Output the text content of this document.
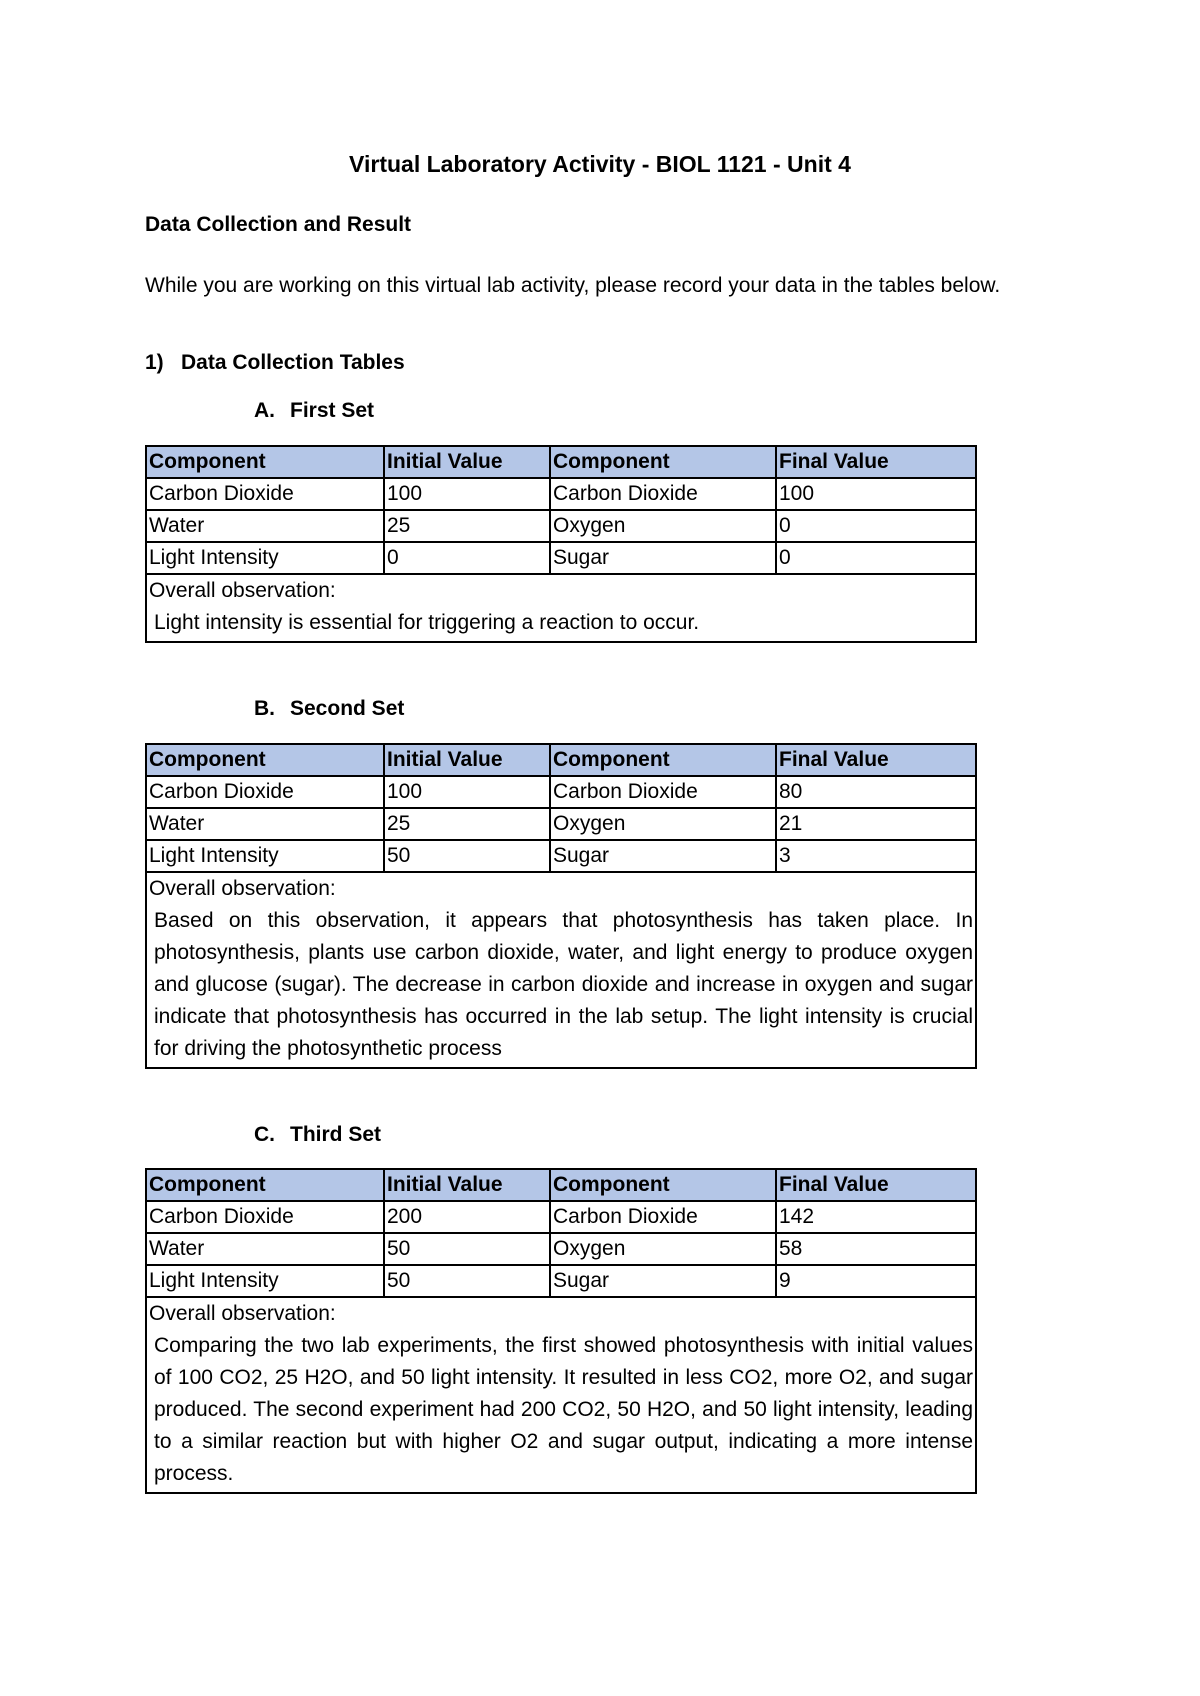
Virtual Laboratory Activity - BIOL 1121 - Unit 4
Data Collection and Result
While you are working on this virtual lab activity, please record your data in the tables below.
1) Data Collection Tables
A. First Set
Component	Initial Value	Component	Final Value
Carbon Dioxide	100	Carbon Dioxide	100
Water	25	Oxygen	0
Light Intensity	0	Sugar	0

Overall observation:
Light intensity is essential for triggering a reaction to occur.			
B. Second Set
Component	Initial Value	Component	Final Value
Carbon Dioxide	100	Carbon Dioxide	80
Water	25	Oxygen	21
Light Intensity	50	Sugar	3

Overall observation:
Based on this observation, it appears that photosynthesis has taken place. In photosynthesis, plants use carbon dioxide, water, and light energy to produce oxygen and glucose (sugar). The decrease in carbon dioxide and increase in oxygen and sugar indicate that photosynthesis has occurred in the lab setup. The light intensity is crucial for driving the photosynthetic process			
C. Third Set
Component	Initial Value	Component	Final Value
Carbon Dioxide	200	Carbon Dioxide	142
Water	50	Oxygen	58
Light Intensity	50	Sugar	9

Overall observation:
Comparing the two lab experiments, the first showed photosynthesis with initial values of 100 CO2, 25 H2O, and 50 light intensity. It resulted in less CO2, more O2, and sugar produced. The second experiment had 200 CO2, 50 H2O, and 50 light intensity, leading to a similar reaction but with higher O2 and sugar output, indicating a more intense process.			
